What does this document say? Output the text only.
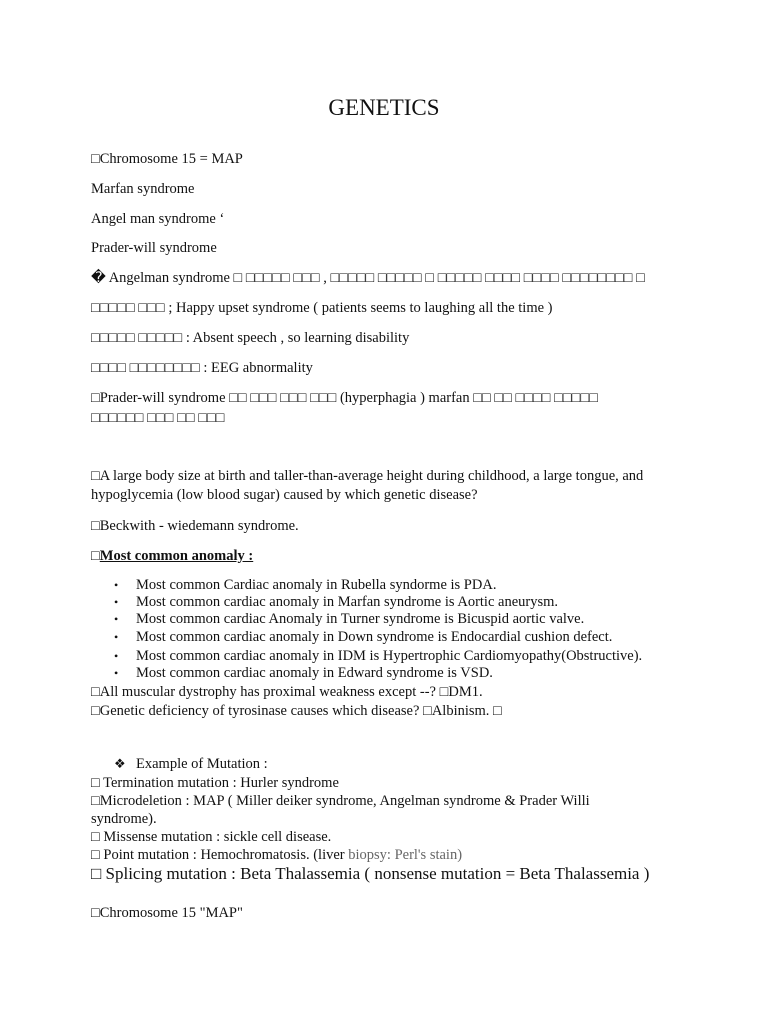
GENETICS
□Chromosome 15 = MAP
Marfan syndrome
Angel man syndrome ‘
Prader-will syndrome
� Angelman syndrome □ □□□□□ □□□ , □□□□□ □□□□□ □ □□□□□ □□□□ □□□□ □□□□□□□□ □
□□□□□ □□□ ; Happy upset syndrome ( patients seems to laughing all the time )
□□□□□ □□□□□ : Absent speech , so learning disability
□□□□ □□□□□□□□ : EEG abnormality
□Prader-will syndrome □□ □□□ □□□ □□□ (hyperphagia ) marfan □□ □□ □□□□ □□□□□
□□□□□□ □□□ □□ □□□
□A large body size at birth and taller-than-average height during childhood, a large tongue, and hypoglycemia (low blood sugar) caused by which genetic disease?
□Beckwith - wiedemann syndrome.
□Most common anomaly :
• Most common Cardiac anomaly in Rubella syndorme is PDA.
• Most common cardiac anomaly in Marfan syndrome is Aortic aneurysm.
• Most common cardiac Anomaly in Turner syndrome is Bicuspid aortic valve.
• Most common cardiac anomaly in Down syndrome is Endocardial cushion defect.
• Most common cardiac anomaly in IDM is Hypertrophic Cardiomyopathy(Obstructive).
• Most common cardiac anomaly in Edward syndrome is VSD.
□All muscular dystrophy has proximal weakness except --? □DM1.
□Genetic deficiency of tyrosinase causes which disease? □Albinism. □
❖ Example of Mutation :
□ Termination mutation : Hurler syndrome
□Microdeletion : MAP ( Miller deiker syndrome, Angelman syndrome & Prader Willi syndrome).
□ Missense mutation : sickle cell disease.
□ Point mutation : Hemochromatosis. (liver biopsy: Perl's stain)
□ Splicing mutation : Beta Thalassemia ( nonsense mutation = Beta Thalassemia )
□Chromosome 15 "MAP"
